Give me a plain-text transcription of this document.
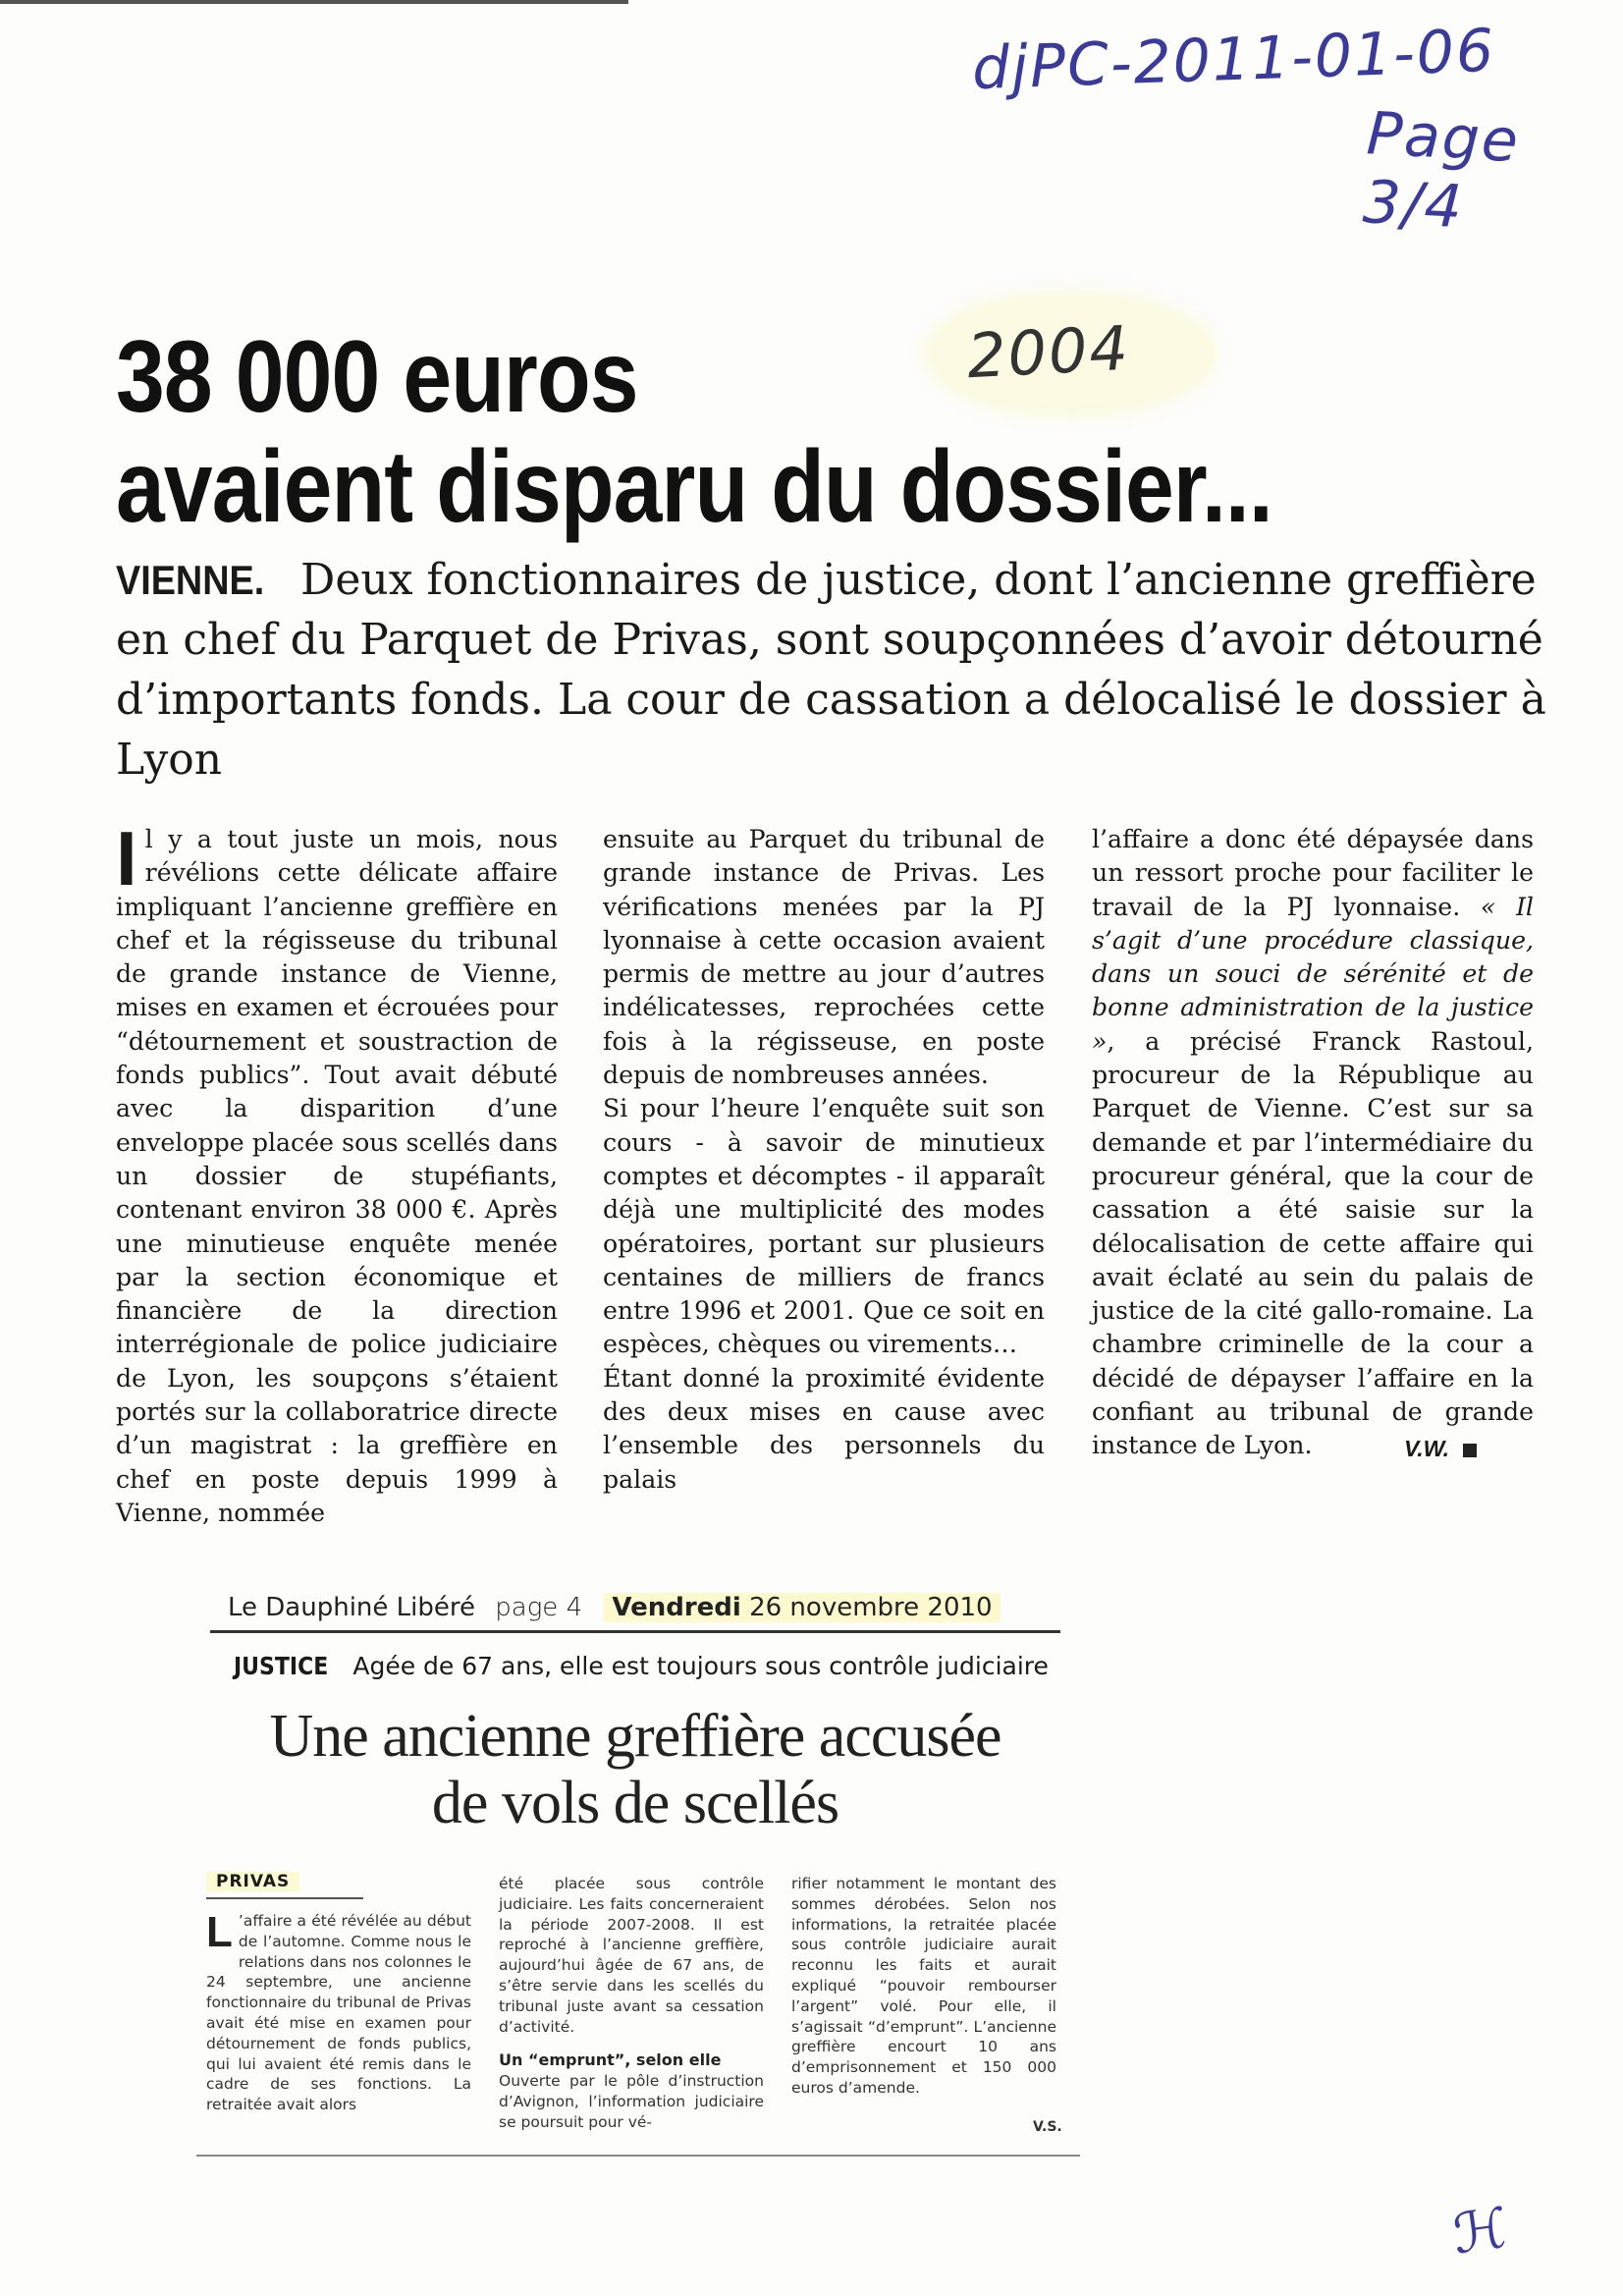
djPC-2011-01-06
Page 3/4
2004
38 000 euros
avaient disparu du dossier...
VIENNE. Deux fonctionnaires de justice, dont l’ancienne greffière en chef du Parquet de Privas, sont soupçonnées d’avoir détourné d’importants fonds. La cour de cassation a délocalisé le dossier à Lyon
I l y a tout juste un mois, nous révélions cette délicate affaire impliquant l’ancienne greffière en chef et la régisseuse du tribunal de grande instance de Vienne, mises en examen et écrouées pour “détournement et soustraction de fonds publics”. Tout avait débuté avec la disparition d’une enveloppe placée sous scellés dans un dossier de stupéfiants, contenant environ 38 000 €. Après une minutieuse enquête menée par la section économique et financière de la direction interrégionale de police judiciaire de Lyon, les soupçons s’étaient portés sur la collaboratrice directe d’un magistrat : la greffière en chef en poste depuis 1999 à Vienne, nommée
ensuite au Parquet du tribunal de grande instance de Privas. Les vérifications menées par la PJ lyonnaise à cette occasion avaient permis de mettre au jour d’autres indélicatesses, reprochées cette fois à la régisseuse, en poste depuis de nombreuses années.
Si pour l’heure l’enquête suit son cours - à savoir de minutieux comptes et décomptes - il apparaît déjà une multiplicité des modes opératoires, portant sur plusieurs centaines de milliers de francs entre 1996 et 2001. Que ce soit en espèces, chèques ou virements…
Étant donné la proximité évidente des deux mises en cause avec l’ensemble des personnels du palais
l’affaire a donc été dépaysée dans un ressort proche pour faciliter le travail de la PJ lyonnaise. « Il s’agit d’une procédure classique, dans un souci de sérénité et de bonne administration de la justice », a précisé Franck Rastoul, procureur de la République au Parquet de Vienne. C’est sur sa demande et par l’intermédiaire du procureur général, que la cour de cassation a été saisie sur la délocalisation de cette affaire qui avait éclaté au sein du palais de justice de la cité gallo-romaine. La chambre criminelle de la cour a décidé de dépayser l’affaire en la confiant au tribunal de grande instance de Lyon.	V.W.
Le Dauphiné Libéré page 4 Vendredi 26 novembre 2010
JUSTICE Agée de 67 ans, elle est toujours sous contrôle judiciaire
Une ancienne greffière accusée
de vols de scellés
PRIVAS
L ’affaire a été révélée au début de l’automne. Comme nous le relations dans nos colonnes le 24 septembre, une ancienne fonctionnaire du tribunal de Privas avait été mise en examen pour détournement de fonds publics, qui lui avaient été remis dans le cadre de ses fonctions. La retraitée avait alors
été placée sous contrôle judiciaire. Les faits concerneraient la période 2007-2008. Il est reproché à l’ancienne greffière, aujourd’hui âgée de 67 ans, de s’être servie dans les scellés du tribunal juste avant sa cessation d’activité.
Un “emprunt”, selon elle
Ouverte par le pôle d’instruction d’Avignon, l’information judiciaire se poursuit pour vé-
rifier notamment le montant des sommes dérobées. Selon nos informations, la retraitée placée sous contrôle judiciaire aurait reconnu les faits et aurait expliqué “pouvoir rembourser l’argent” volé. Pour elle, il s’agissait “d’emprunt”. L’ancienne greffière encourt 10 ans d’emprisonnement et 150 000 euros d’amende.
V.S.
ℋ
